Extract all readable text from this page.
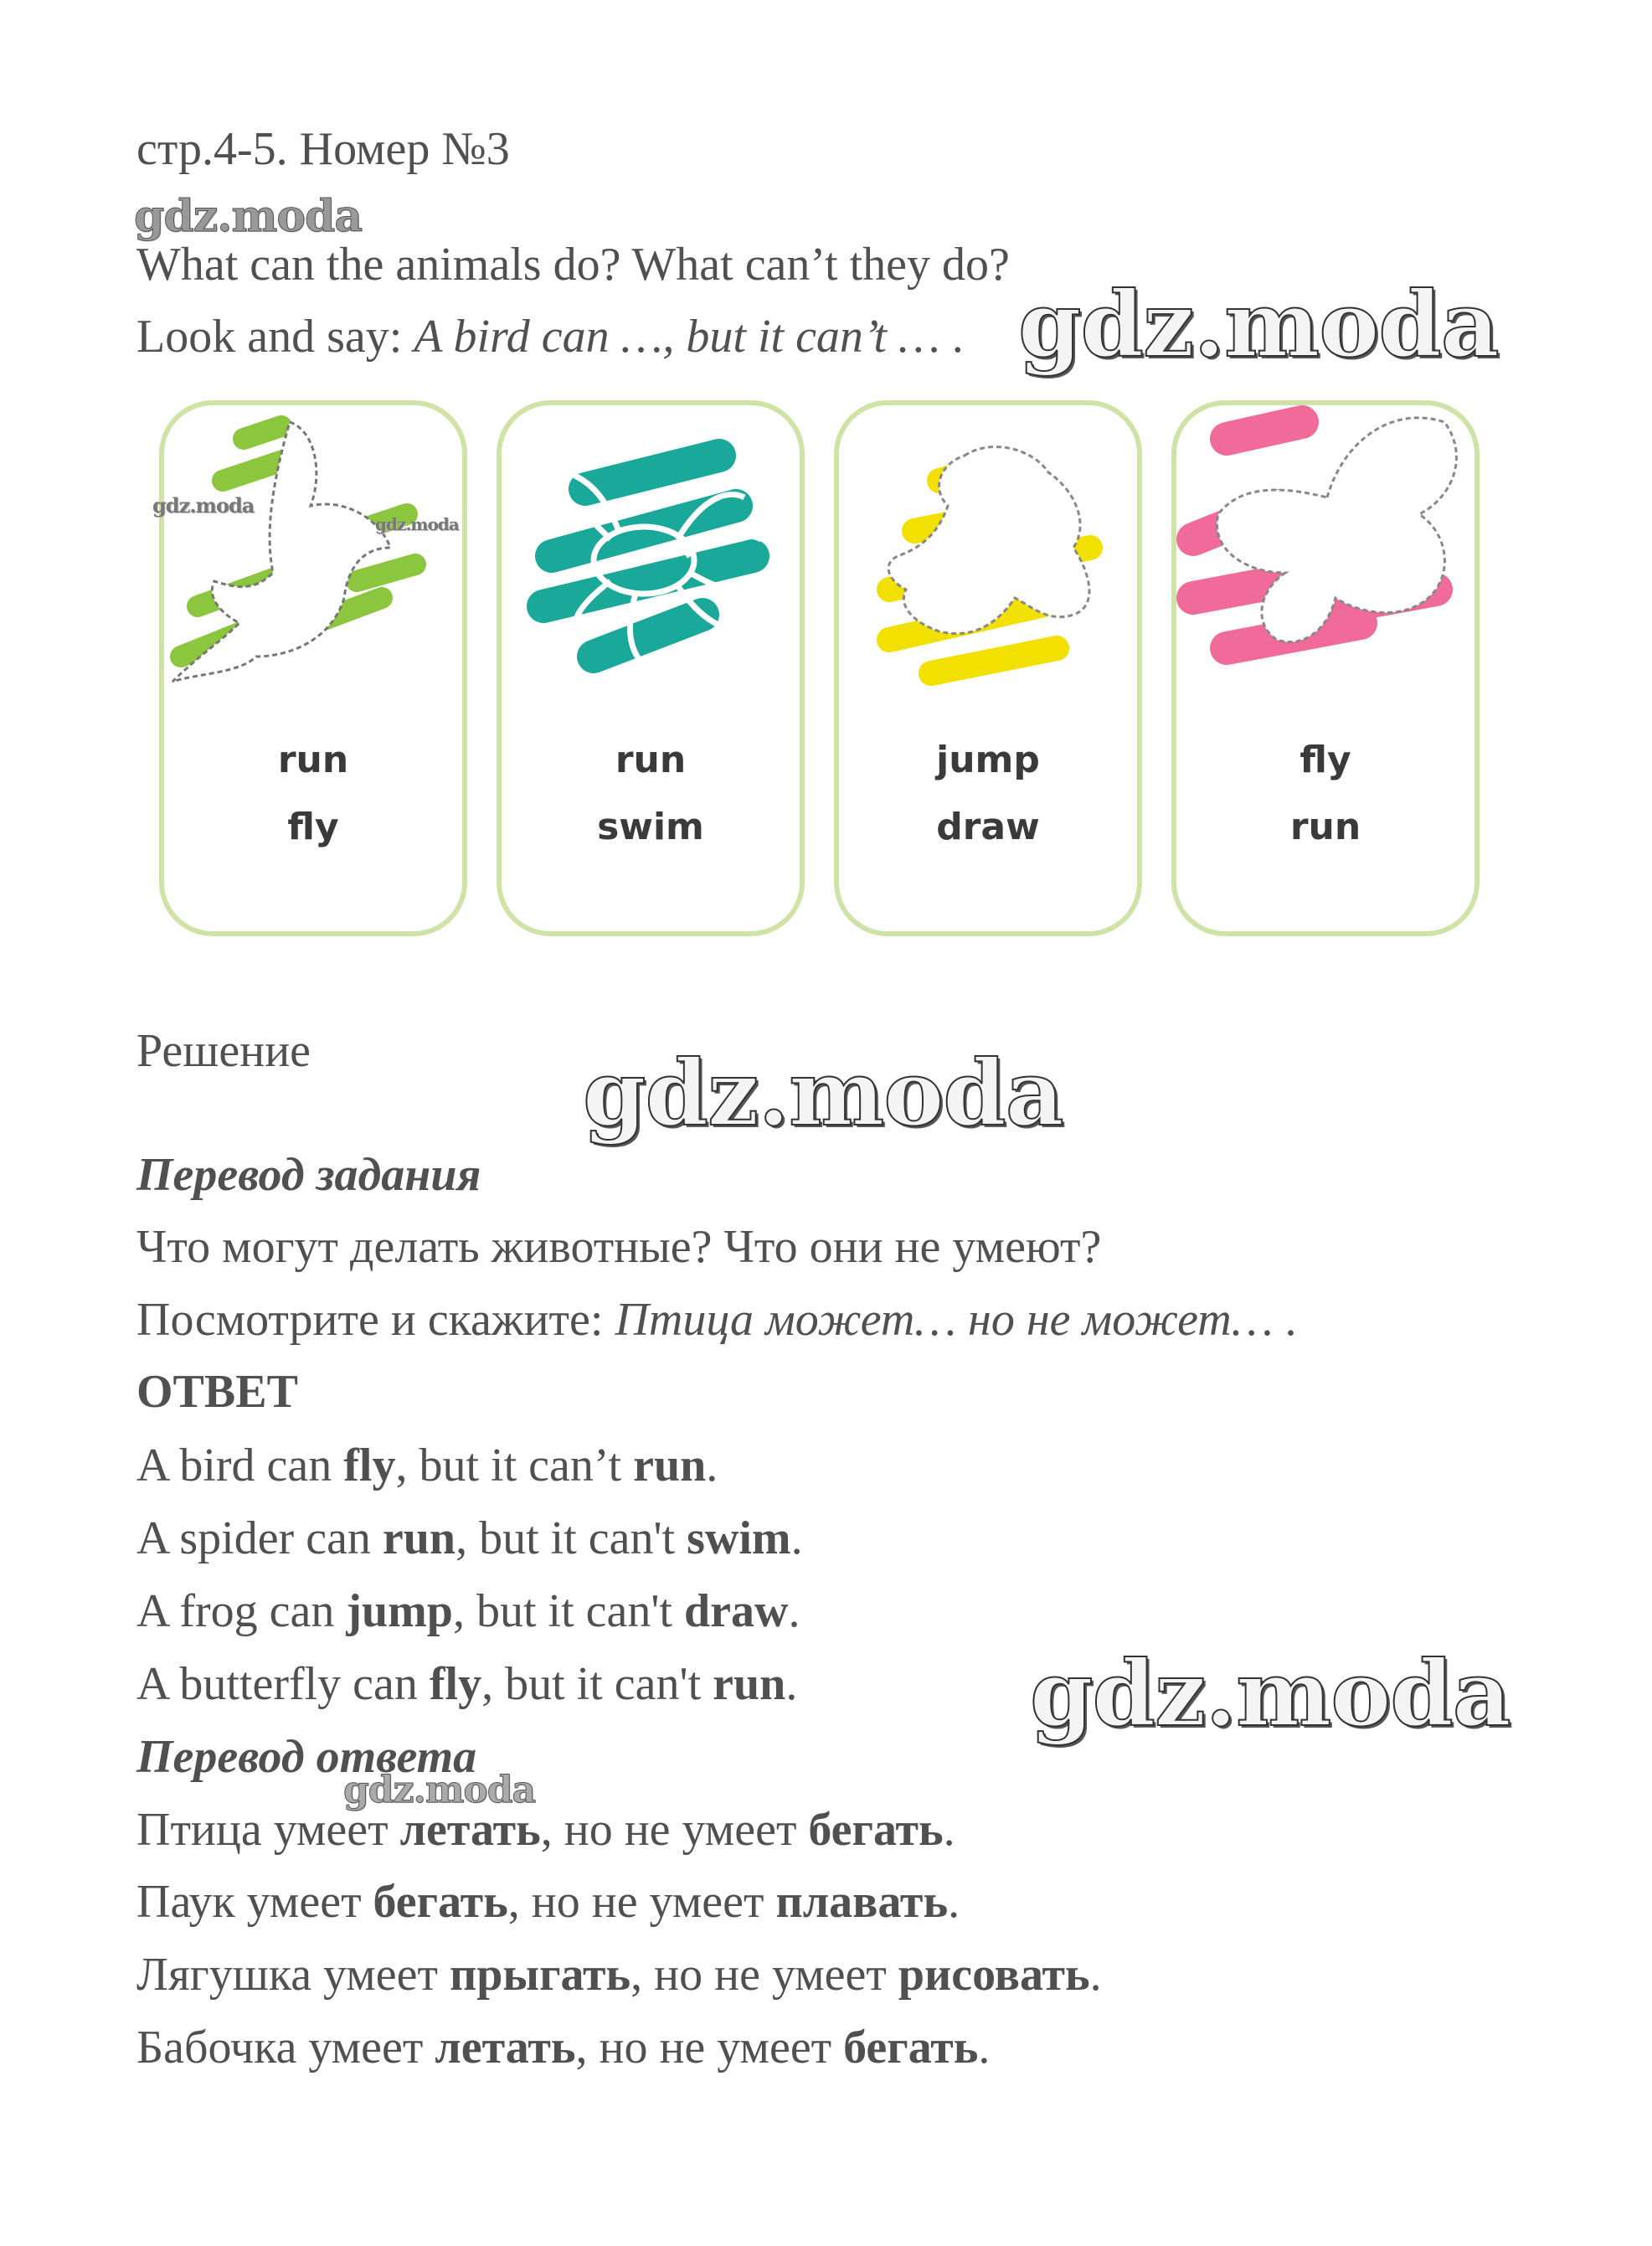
стр.4-5. Номер №3
What can the animals do? What can’t they do?
Look and say: A bird can …, but it can’t … .
run
fly
run
swim
jump
draw
fly
run
Решение
Перевод задания
Что могут делать животные? Что они не умеют?
Посмотрите и скажите: Птица может… но не может… .
ОТВЕТ
A bird can fly, but it can’t run.
A spider can run, but it can't swim.
A frog can jump, but it can't draw.
A butterfly can fly, but it can't run.
Перевод ответа
Птица умеет летать, но не умеет бегать.
Паук умеет бегать, но не умеет плавать.
Лягушка умеет прыгать, но не умеет рисовать.
Бабочка умеет летать, но не умеет бегать.
gdz.moda
gdz.moda
gdz.moda
gdz.moda
gdz.moda
gdz.moda
gdz.moda
